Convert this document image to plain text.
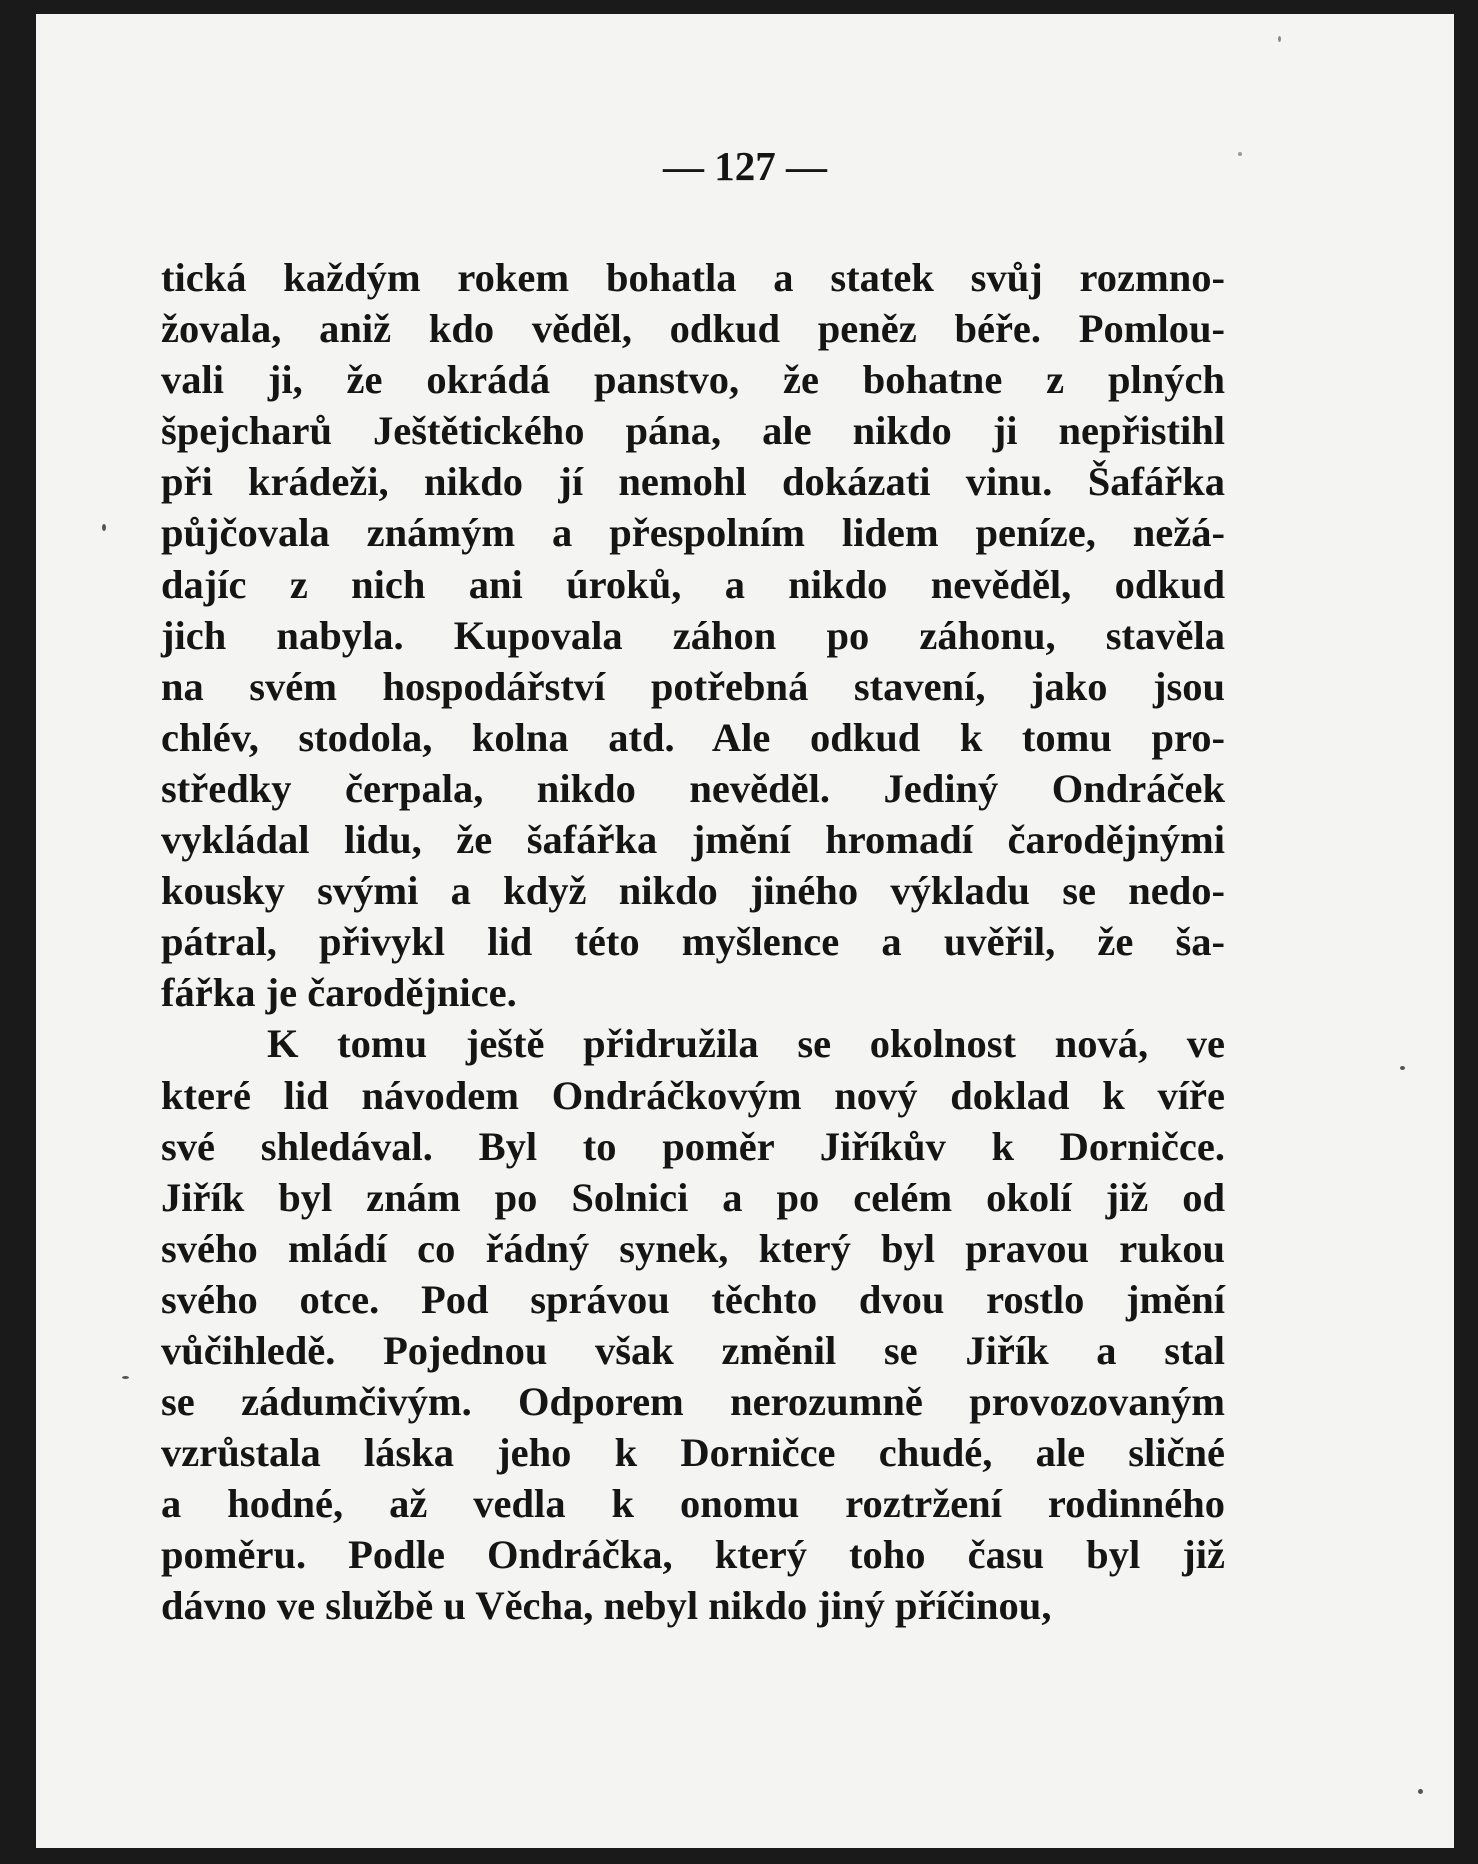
— 127 —
tická každým rokem bohatla a statek svůj rozmno-
žovala, aniž kdo věděl, odkud peněz béře. Pomlou-
vali ji, že okrádá panstvo, že bohatne z plných
špejcharů Ještětického pána, ale nikdo ji nepřistihl
při krádeži, nikdo jí nemohl dokázati vinu. Šafářka
půjčovala známým a přespolním lidem peníze, nežá-
dajíc z nich ani úroků, a nikdo nevěděl, odkud
jich nabyla. Kupovala záhon po záhonu, stavěla
na svém hospodářství potřebná stavení, jako jsou
chlév, stodola, kolna atd. Ale odkud k tomu pro-
středky čerpala, nikdo nevěděl. Jediný Ondráček
vykládal lidu, že šafářka jmění hromadí čarodějnými
kousky svými a když nikdo jiného výkladu se nedo-
pátral, přivykl lid této myšlence a uvěřil, že ša-
fářka je čarodějnice.
K tomu ještě přidružila se okolnost nová, ve
které lid návodem Ondráčkovým nový doklad k víře
své shledával. Byl to poměr Jiříkův k Dorničce.
Jiřík byl znám po Solnici a po celém okolí již od
svého mládí co řádný synek, který byl pravou rukou
svého otce. Pod správou těchto dvou rostlo jmění
vůčihledě. Pojednou však změnil se Jiřík a stal
se zádumčivým. Odporem nerozumně provozovaným
vzrůstala láska jeho k Dorničce chudé, ale sličné
a hodné, až vedla k onomu roztržení rodinného
poměru. Podle Ondráčka, který toho času byl již
dávno ve službě u Věcha, nebyl nikdo jiný příčinou,
